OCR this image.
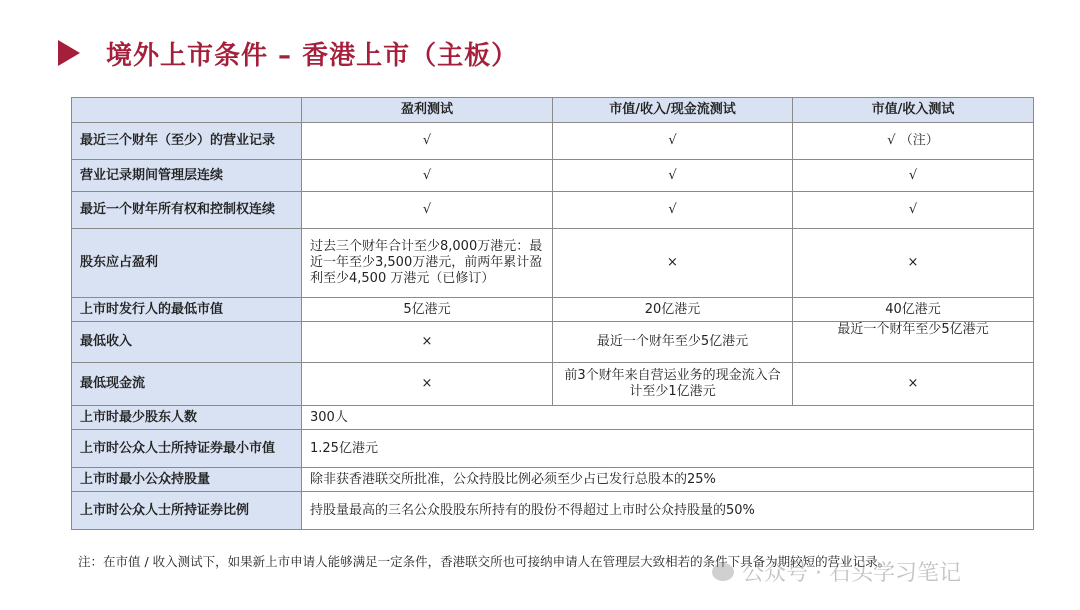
境外上市条件 – 香港上市（主板）
	盈利测试	市值/收入/现金流测试	市值/收入测试
最近三个财年（至少）的营业记录	√	√	√ （注）
营业记录期间管理层连续	√	√	√
最近一个财年所有权和控制权连续	√	√	√
股东应占盈利	过去三个财年合计至少8,000万港元：最近一年至少3,500万港元，前两年累计盈利至少4,500 万港元（已修订）	×	×
上市时发行人的最低市值	5亿港元	20亿港元	40亿港元
最低收入	×	最近一个财年至少5亿港元	最近一个财年至少5亿港元
最低现金流	×	前3个财年来自营运业务的现金流入合计至少1亿港元	×
上市时最少股东人数	300人		
上市时公众人士所持证券最小市值	1.25亿港元		
上市时最小公众持股量	除非获香港联交所批准，公众持股比例必须至少占已发行总股本的25%		
上市时公众人士所持证券比例	持股量最高的三名公众股股东所持有的股份不得超过上市时公众持股量的50%		
注：在市值 / 收入测试下，如果新上市申请人能够满足一定条件，香港联交所也可接纳申请人在管理层大致相若的条件下具备为期较短的营业记录。
公众号 · 石头学习笔记
